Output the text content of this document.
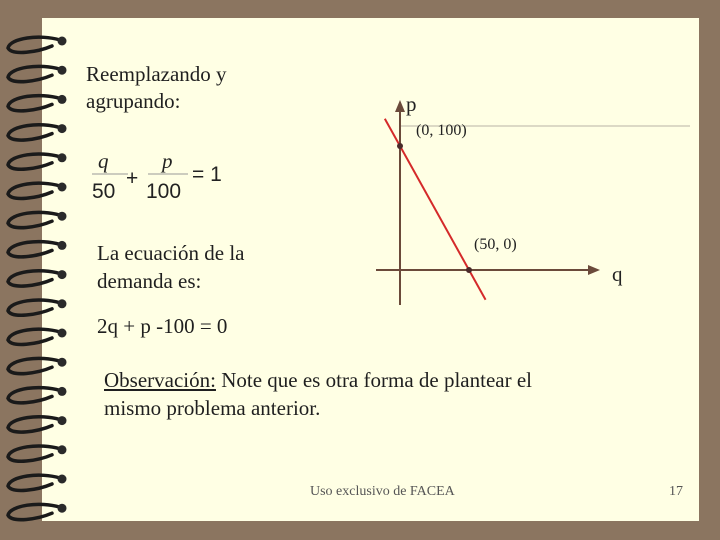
Reemplazando y
agrupando:
q
50
+
p
100
= 1
La ecuación de la
demanda es:
2q + p -100 = 0
p
q
(0, 100)
(50, 0)
Observación: Note que es otra forma de plantear el
mismo problema anterior.
Uso exclusivo de FACEA	17
